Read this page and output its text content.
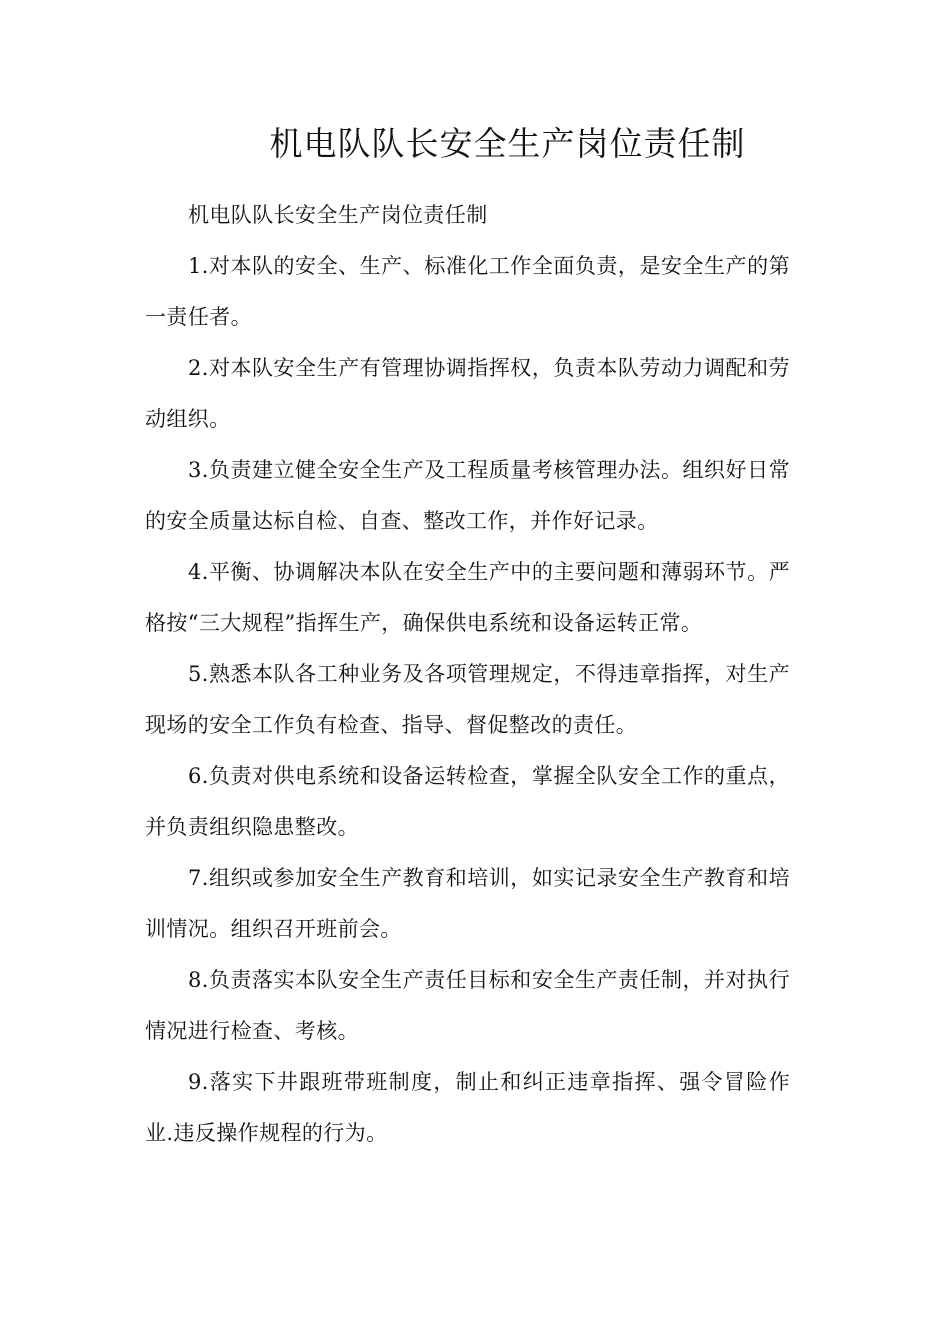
机电队队长安全生产岗位责任制

机电队队长安全生产岗位责任制

1.对本队的安全、生产、标准化工作全面负责，是安全生产的第一责任者。

2.对本队安全生产有管理协调指挥权，负责本队劳动力调配和劳动组织。

3.负责建立健全安全生产及工程质量考核管理办法。组织好日常的安全质量达标自检、自查、整改工作，并作好记录。

4.平衡、协调解决本队在安全生产中的主要问题和薄弱环节。严格按“三大规程”指挥生产，确保供电系统和设备运转正常。

5.熟悉本队各工种业务及各项管理规定，不得违章指挥，对生产现场的安全工作负有检查、指导、督促整改的责任。

6.负责对供电系统和设备运转检查，掌握全队安全工作的重点，并负责组织隐患整改。

7.组织或参加安全生产教育和培训，如实记录安全生产教育和培训情况。组织召开班前会。

8.负责落实本队安全生产责任目标和安全生产责任制，并对执行情况进行检查、考核。

9.落实下井跟班带班制度，制止和纠正违章指挥、强令冒险作业.违反操作规程的行为。
